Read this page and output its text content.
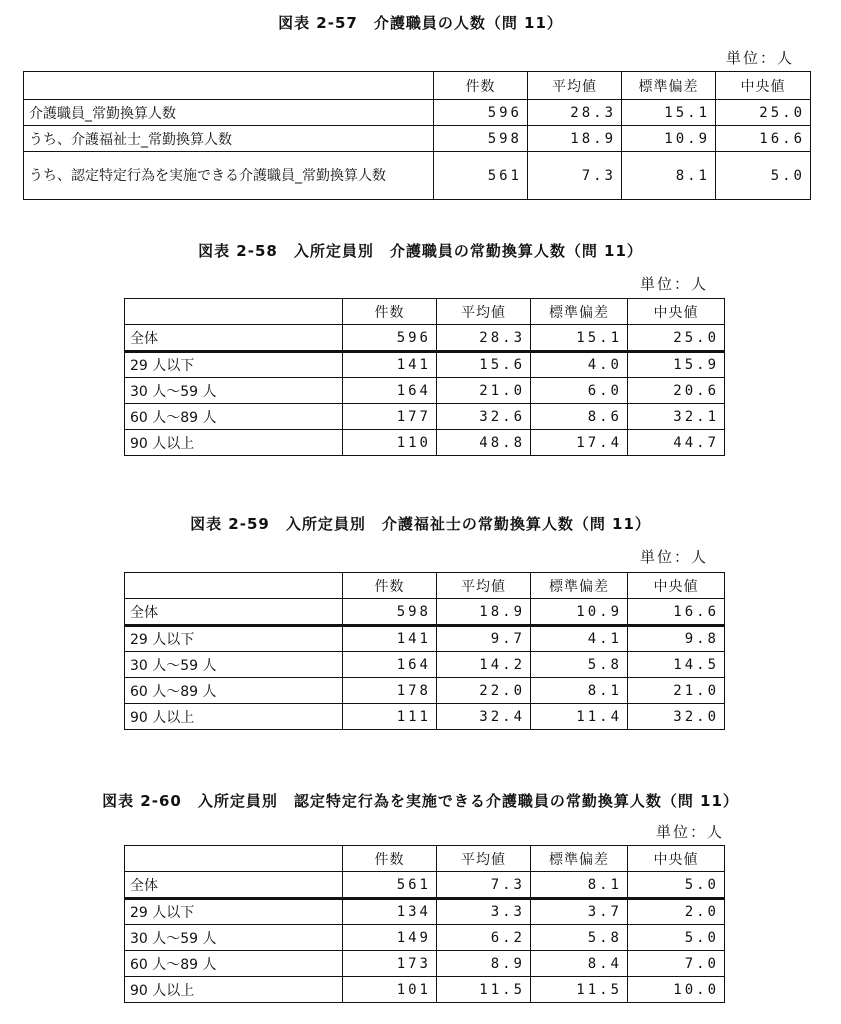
図表 2-57　介護職員の人数（問 11）
単位：人
	件数	平均値	標準偏差	中央値
介護職員_常勤換算人数	596	28.3	15.1	25.0
うち、介護福祉士_常勤換算人数	598	18.9	10.9	16.6
うち、認定特定行為を実施できる介護職員_常勤換算人数	561	7.3	8.1	5.0
図表 2-58　入所定員別　介護職員の常勤換算人数（問 11）
単位：人
	件数	平均値	標準偏差	中央値
全体	596	28.3	15.1	25.0
29 人以下	141	15.6	4.0	15.9
30 人～59 人	164	21.0	6.0	20.6
60 人～89 人	177	32.6	8.6	32.1
90 人以上	110	48.8	17.4	44.7
図表 2-59　入所定員別　介護福祉士の常勤換算人数（問 11）
単位：人
	件数	平均値	標準偏差	中央値
全体	598	18.9	10.9	16.6
29 人以下	141	9.7	4.1	9.8
30 人～59 人	164	14.2	5.8	14.5
60 人～89 人	178	22.0	8.1	21.0
90 人以上	111	32.4	11.4	32.0
図表 2-60　入所定員別　認定特定行為を実施できる介護職員の常勤換算人数（問 11）
単位：人
	件数	平均値	標準偏差	中央値
全体	561	7.3	8.1	5.0
29 人以下	134	3.3	3.7	2.0
30 人～59 人	149	6.2	5.8	5.0
60 人～89 人	173	8.9	8.4	7.0
90 人以上	101	11.5	11.5	10.0
